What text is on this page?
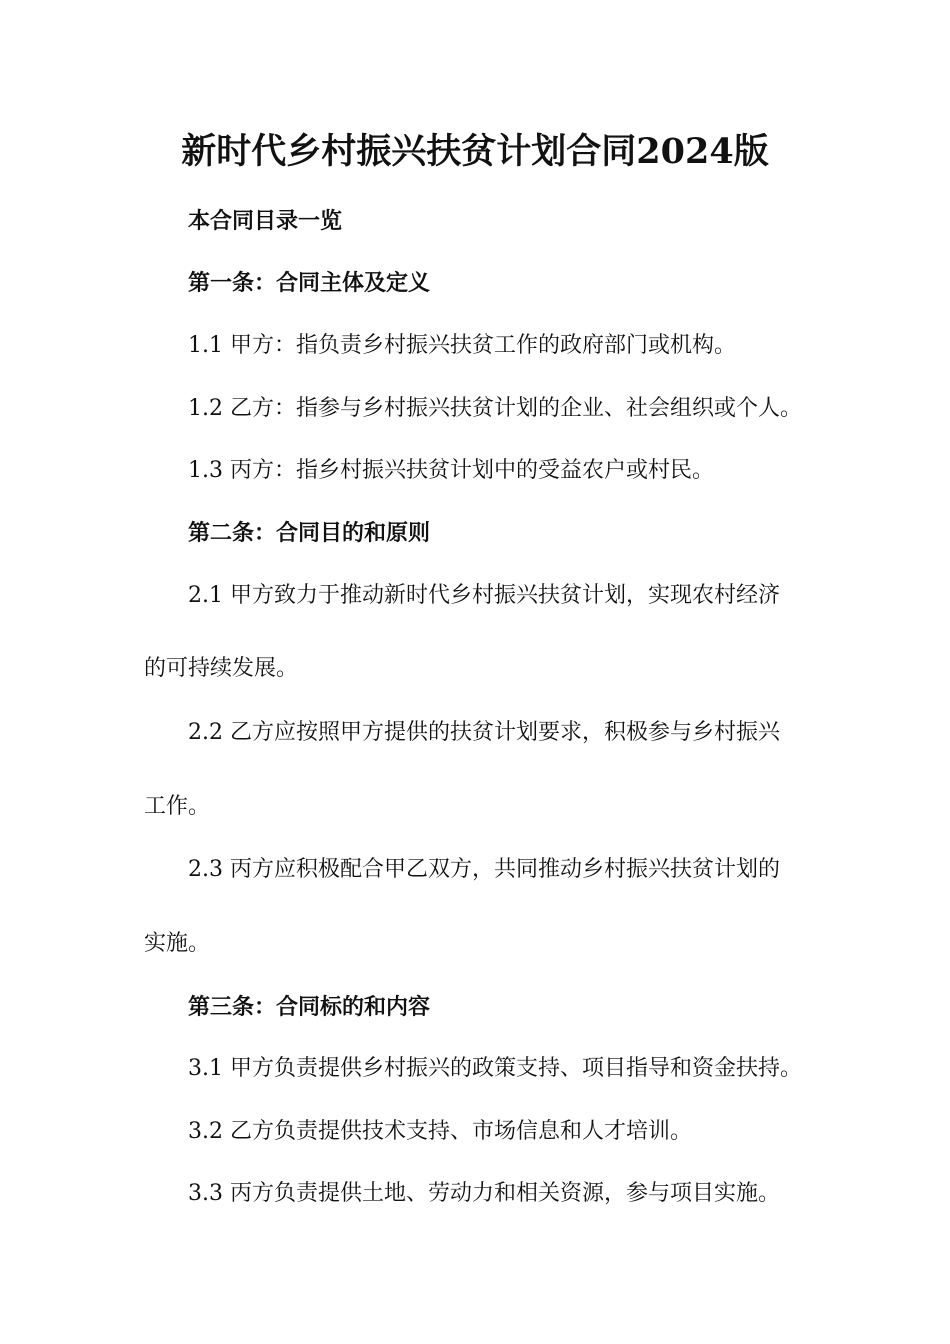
新时代乡村振兴扶贫计划合同2024版
本合同目录一览
第一条：合同主体及定义
1.1 甲方：指负责乡村振兴扶贫工作的政府部门或机构。
1.2 乙方：指参与乡村振兴扶贫计划的企业、社会组织或个人。
1.3 丙方：指乡村振兴扶贫计划中的受益农户或村民。
第二条：合同目的和原则
2.1 甲方致力于推动新时代乡村振兴扶贫计划，实现农村经济
的可持续发展。
2.2 乙方应按照甲方提供的扶贫计划要求，积极参与乡村振兴
工作。
2.3 丙方应积极配合甲乙双方，共同推动乡村振兴扶贫计划的
实施。
第三条：合同标的和内容
3.1 甲方负责提供乡村振兴的政策支持、项目指导和资金扶持。
3.2 乙方负责提供技术支持、市场信息和人才培训。
3.3 丙方负责提供土地、劳动力和相关资源，参与项目实施。
